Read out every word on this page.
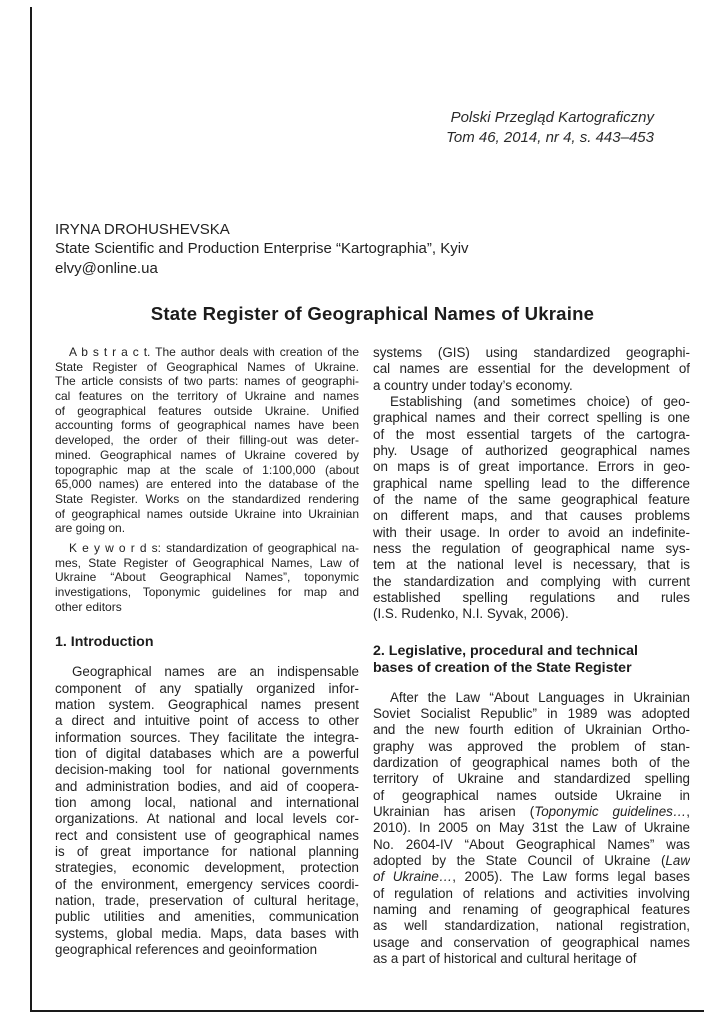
Polski Przegląd Kartograficzny
Tom 46, 2014, nr 4, s. 443–453
IRYNA DROHUSHEVSKA
State Scientific and Production Enterprise “Kartographia”, Kyiv
elvy@online.ua
State Register of Geographical Names of Ukraine
A b s t r a c t. The author deals with creation of the
State Register of Geographical Names of Ukraine.
The article consists of two parts: names of geographi-
cal features on the territory of Ukraine and names
of geographical features outside Ukraine. Unified
accounting forms of geographical names have been
developed, the order of their filling-out was deter-
mined. Geographical names of Ukraine covered by
topographic map at the scale of 1:100,000 (about
65,000 names) are entered into the database of the
State Register. Works on the standardized rendering
of geographical names outside Ukraine into Ukrainian
are going on.
K e y w o r d s: standardization of geographical na-
mes, State Register of Geographical Names, Law of
Ukraine “About Geographical Names”, toponymic
investigations, Toponymic guidelines for map and
other editors
1. Introduction
Geographical names are an indispensable
component of any spatially organized infor-
mation system. Geographical names present
a direct and intuitive point of access to other
information sources. They facilitate the integra-
tion of digital databases which are a powerful
decision-making tool for national governments
and administration bodies, and aid of coopera-
tion among local, national and international
organizations. At national and local levels cor-
rect and consistent use of geographical names
is of great importance for national planning
strategies, economic development, protection
of the environment, emergency services coordi-
nation, trade, preservation of cultural heritage,
public utilities and amenities, communication
systems, global media. Maps, data bases with
geographical references and geoinformation
systems (GIS) using standardized geographi-
cal names are essential for the development of
a country under today’s economy.
Establishing (and sometimes choice) of geo-
graphical names and their correct spelling is one
of the most essential targets of the cartogra-
phy. Usage of authorized geographical names
on maps is of great importance. Errors in geo-
graphical name spelling lead to the difference
of the name of the same geographical feature
on different maps, and that causes problems
with their usage. In order to avoid an indefinite-
ness the regulation of geographical name sys-
tem at the national level is necessary, that is
the standardization and complying with current
established spelling regulations and rules
(I.S. Rudenko, N.I. Syvak, 2006).
2. Legislative, procedural and technical
bases of creation of the State Register
After the Law “About Languages in Ukrainian
Soviet Socialist Republic” in 1989 was adopted
and the new fourth edition of Ukrainian Ortho-
graphy was approved the problem of stan-
dardization of geographical names both of the
territory of Ukraine and standardized spelling
of geographical names outside Ukraine in
Ukrainian has arisen (Toponymic guidelines…,
2010). In 2005 on May 31st the Law of Ukraine
No. 2604-IV “About Geographical Names” was
adopted by the State Council of Ukraine (Law
of Ukraine…, 2005). The Law forms legal bases
of regulation of relations and activities involving
naming and renaming of geographical features
as well standardization, national registration,
usage and conservation of geographical names
as a part of historical and cultural heritage of
